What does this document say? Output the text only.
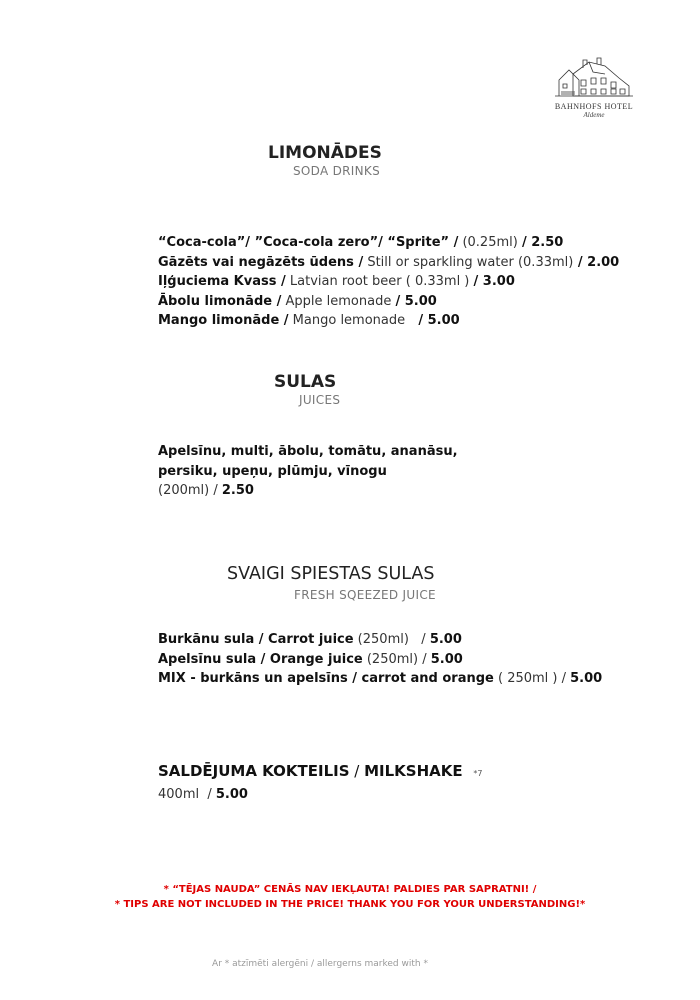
BAHNHOFS HOTEL
Aldeme
LIMONĀDES
SODA DRINKS
“Coca-cola”/ ”Coca-cola zero”/ “Sprite” / (0.25ml) / 2.50
Gāzēts vai negāzēts ūdens / Still or sparkling water (0.33ml) / 2.00
Iļģuciema Kvass / Latvian root beer ( 0.33ml ) / 3.00
Ābolu limonāde / Apple lemonade / 5.00
Mango limonāde / Mango lemonade   / 5.00
SULAS
JUICES
Apelsīnu, multi, ābolu, tomātu, ananāsu,
persiku, upeņu, plūmju, vīnogu
(200ml) / 2.50
SVAIGI SPIESTAS SULAS
FRESH SQEEZED JUICE
Burkānu sula / Carrot juice (250ml)   / 5.00
Apelsīnu sula / Orange juice (250ml) / 5.00
MIX - burkāns un apelsīns / carrot and orange ( 250ml ) / 5.00
SALDĒJUMA KOKTEILIS / MILKSHAKE *7
400ml  / 5.00
* “TĒJAS NAUDA” CENĀS NAV IEKĻAUTA! PALDIES PAR SAPRATNI! /
* TIPS ARE NOT INCLUDED IN THE PRICE! THANK YOU FOR YOUR UNDERSTANDING!*
Ar * atzīmēti alergēni / allergerns marked with *
